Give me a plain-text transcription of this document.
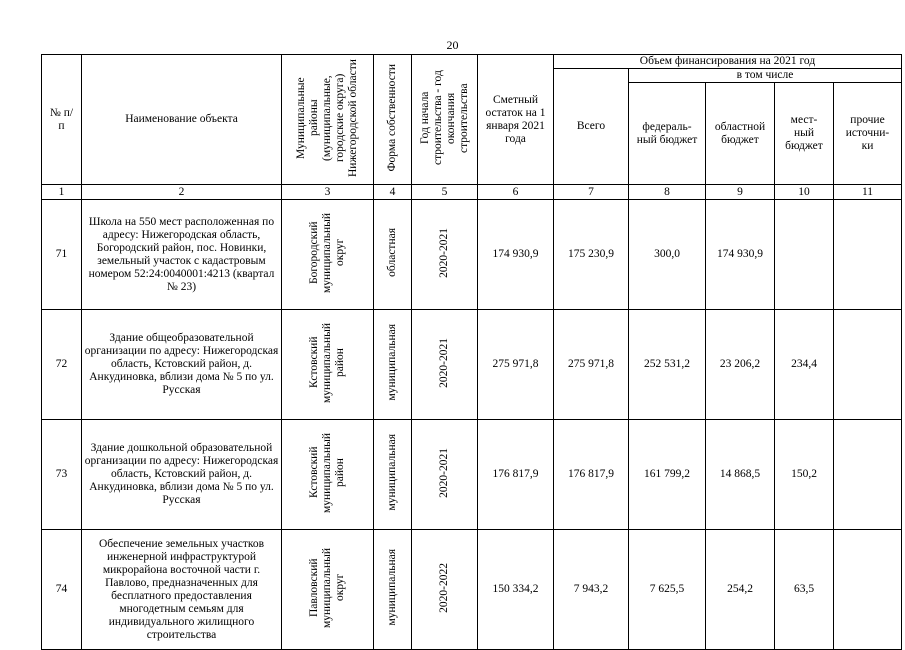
20
№ п/п	Наименование объекта	Муниципальные районы (муниципальные, городские округа) Нижегородской области	Форма собственности	Год начала строительства - год окончания строительства	Сметный остаток на 1 января 2021 года	Объем финансирования на 2021 год				
						Всего	в том числе			
							федераль-ный бюджет	областной бюджет	мест-ный бюджет	прочие источни-ки
1	2	3	4	5	6	7	8	9	10	11
71	Школа на 550 мест расположенная по адресу: Нижегородская область, Богородский район, пос. Новинки, земельный участок с кадастровым номером 52:24:0040001:4213 (квартал № 23)	Богородский муниципальный округ	областная	2020-2021	174 930,9	175 230,9	300,0	174 930,9		
72	Здание общеобразовательной организации по адресу: Нижегородская область, Кстовский район, д. Анкудиновка, вблизи дома № 5 по ул. Русская	Кстовский муниципальный район	муниципальная	2020-2021	275 971,8	275 971,8	252 531,2	23 206,2	234,4	
73	Здание дошкольной образовательной организации по адресу: Нижегородская область, Кстовский район, д. Анкудиновка, вблизи дома № 5 по ул. Русская	Кстовский муниципальный район	муниципальная	2020-2021	176 817,9	176 817,9	161 799,2	14 868,5	150,2	
74	Обеспечение земельных участков инженерной инфраструктурой микрорайона восточной части г. Павлово, предназначенных для бесплатного предоставления многодетным семьям для индивидуального жилищного строительства	Павловский муниципальный округ	муниципальная	2020-2022	150 334,2	7 943,2	7 625,5	254,2	63,5	
